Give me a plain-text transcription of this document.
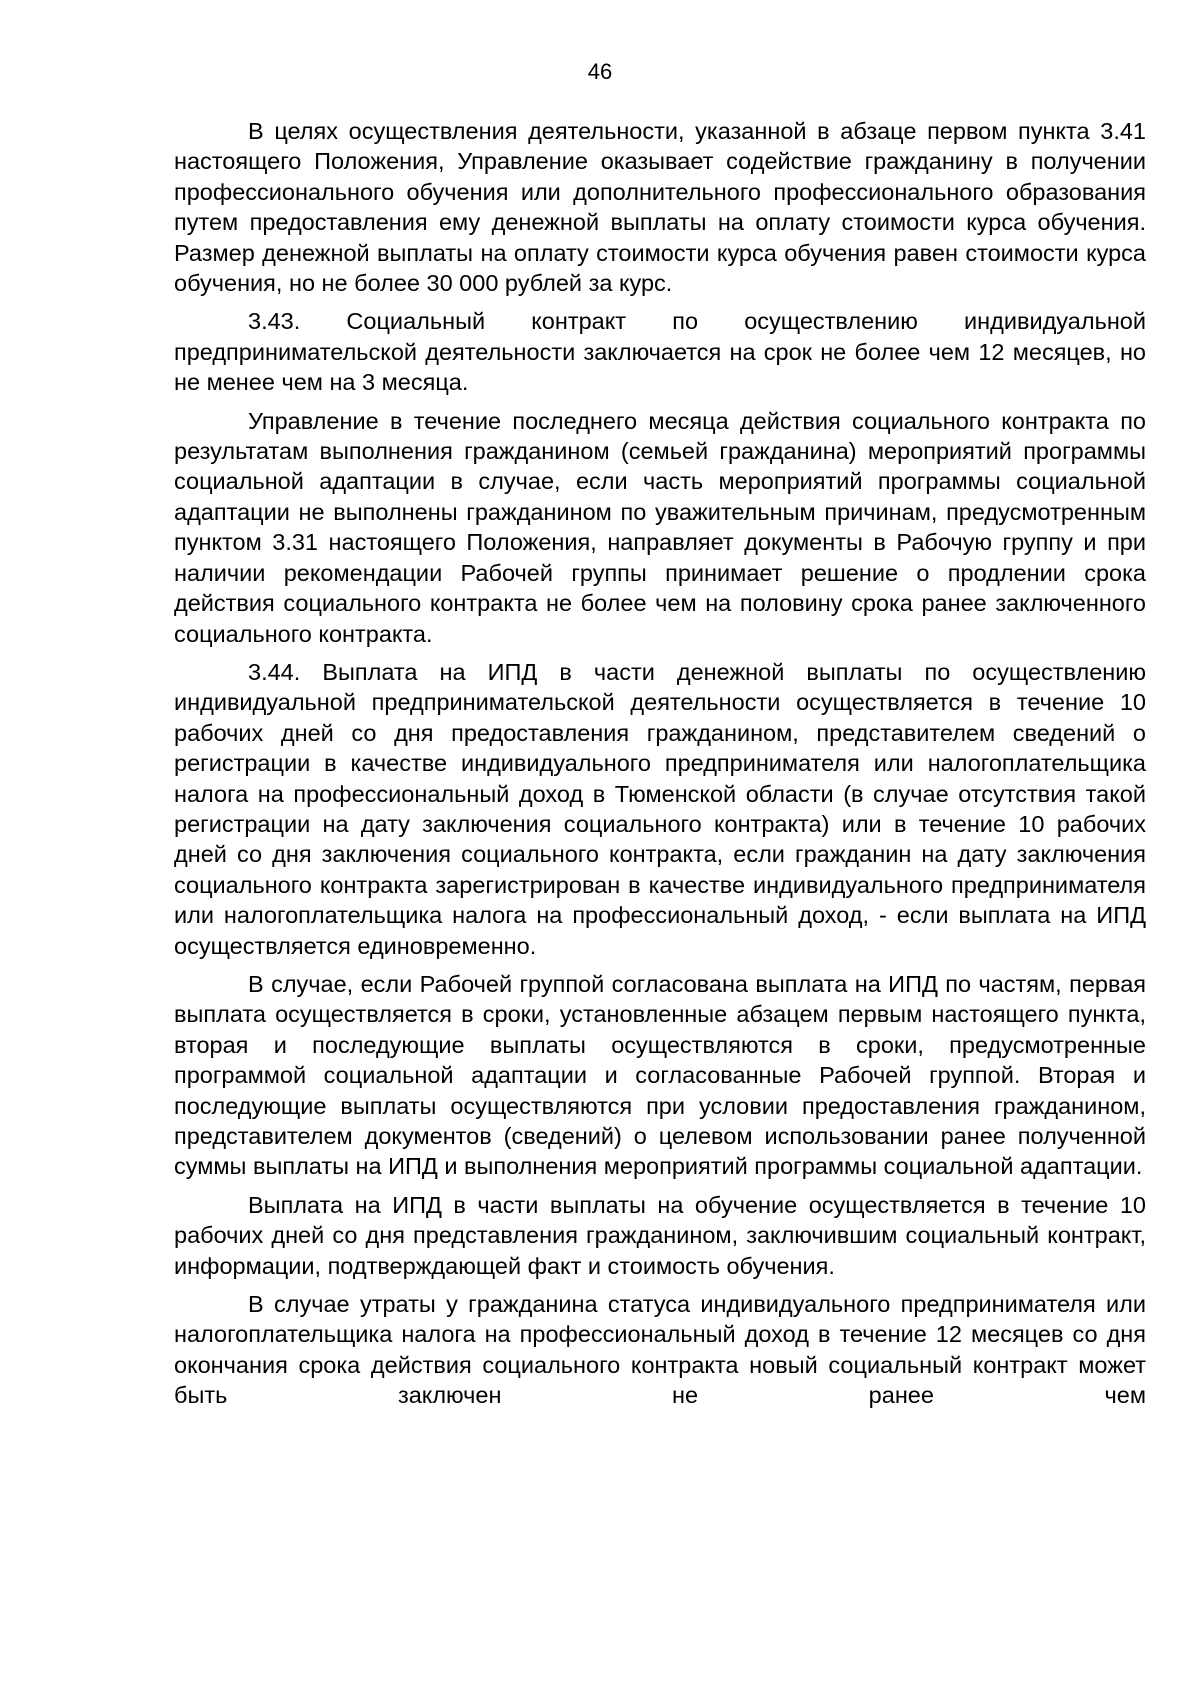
46

В целях осуществления деятельности, указанной в абзаце первом пункта 3.41 настоящего Положения, Управление оказывает содействие гражданину в получении профессионального обучения или дополнительного профессионального образования путем предоставления ему денежной выплаты на оплату стоимости курса обучения. Размер денежной выплаты на оплату стоимости курса обучения равен стоимости курса обучения, но не более 30 000 рублей за курс.

3.43. Социальный контракт по осуществлению индивидуальной предпринимательской деятельности заключается на срок не более чем 12 месяцев, но не менее чем на 3 месяца.

Управление в течение последнего месяца действия социального контракта по результатам выполнения гражданином (семьей гражданина) мероприятий программы социальной адаптации в случае, если часть мероприятий программы социальной адаптации не выполнены гражданином по уважительным причинам, предусмотренным пунктом 3.31 настоящего Положения, направляет документы в Рабочую группу и при наличии рекомендации Рабочей группы принимает решение о продлении срока действия социального контракта не более чем на половину срока ранее заключенного социального контракта.

3.44. Выплата на ИПД в части денежной выплаты по осуществлению индивидуальной предпринимательской деятельности осуществляется в течение 10 рабочих дней со дня предоставления гражданином, представителем сведений о регистрации в качестве индивидуального предпринимателя или налогоплательщика налога на профессиональный доход в Тюменской области (в случае отсутствия такой регистрации на дату заключения социального контракта) или в течение 10 рабочих дней со дня заключения социального контракта, если гражданин на дату заключения социального контракта зарегистрирован в качестве индивидуального предпринимателя или налогоплательщика налога на профессиональный доход, - если выплата на ИПД осуществляется единовременно.

В случае, если Рабочей группой согласована выплата на ИПД по частям, первая выплата осуществляется в сроки, установленные абзацем первым настоящего пункта, вторая и последующие выплаты осуществляются в сроки, предусмотренные программой социальной адаптации и согласованные Рабочей группой. Вторая и последующие выплаты осуществляются при условии предоставления гражданином, представителем документов (сведений) о целевом использовании ранее полученной суммы выплаты на ИПД и выполнения мероприятий программы социальной адаптации.

Выплата на ИПД в части выплаты на обучение осуществляется в течение 10 рабочих дней со дня представления гражданином, заключившим социальный контракт, информации, подтверждающей факт и стоимость обучения.

В случае утраты у гражданина статуса индивидуального предпринимателя или налогоплательщика налога на профессиональный доход в течение 12 месяцев со дня окончания срока действия социального контракта новый социальный контракт может быть заключен не ранее чем
